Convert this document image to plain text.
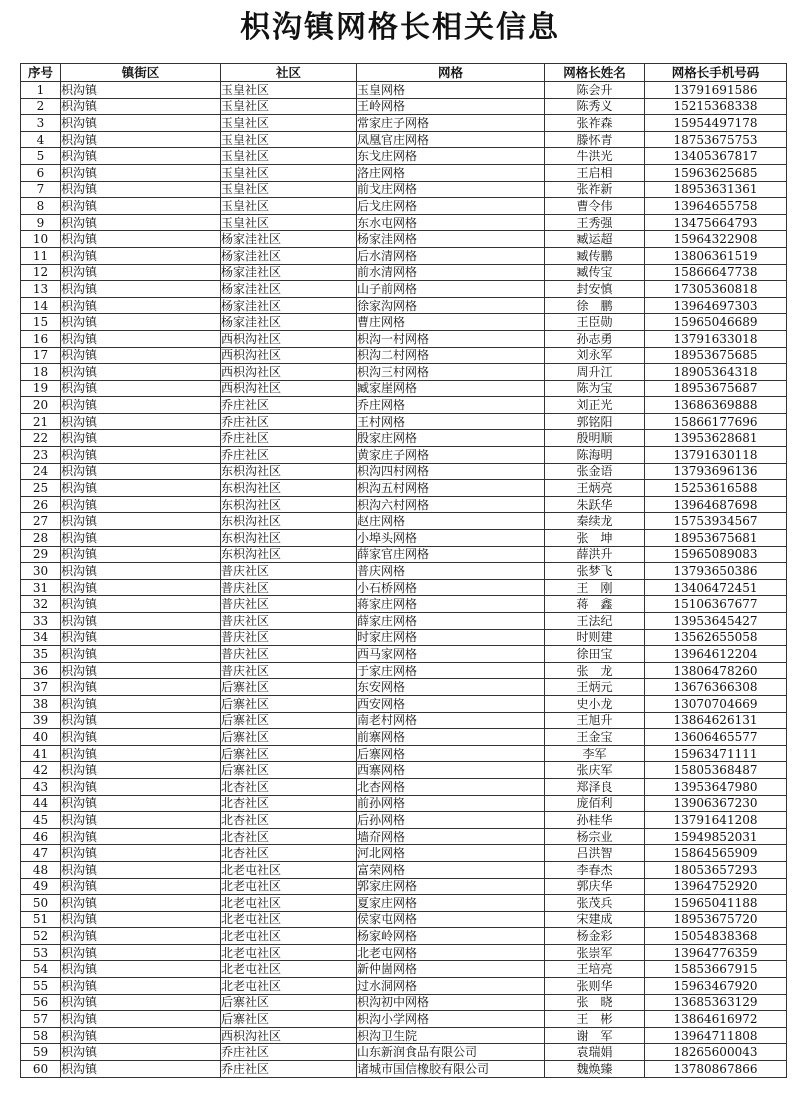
枳沟镇网格长相关信息
序号	镇街区	社区	网格	网格长姓名	网格长手机号码
1	枳沟镇	玉皇社区	玉皇网格	陈会升	13791691586
2	枳沟镇	玉皇社区	王岭网格	陈秀义	15215368338
3	枳沟镇	玉皇社区	常家庄子网格	张祚森	15954497178
4	枳沟镇	玉皇社区	凤凰官庄网格	滕怀青	18753675753
5	枳沟镇	玉皇社区	东戈庄网格	牛洪光	13405367817
6	枳沟镇	玉皇社区	洛庄网格	王启相	15963625685
7	枳沟镇	玉皇社区	前戈庄网格	张祚新	18953631361
8	枳沟镇	玉皇社区	后戈庄网格	曹令伟	13964655758
9	枳沟镇	玉皇社区	东水屯网格	王秀强	13475664793
10	枳沟镇	杨家洼社区	杨家洼网格	臧运超	15964322908
11	枳沟镇	杨家洼社区	后水清网格	臧传鹏	13806361519
12	枳沟镇	杨家洼社区	前水清网格	臧传宝	15866647738
13	枳沟镇	杨家洼社区	山子前网格	封安慎	17305360818
14	枳沟镇	杨家洼社区	徐家沟网格	徐　鹏	13964697303
15	枳沟镇	杨家洼社区	曹庄网格	王臣勋	15965046689
16	枳沟镇	西枳沟社区	枳沟一村网格	孙志勇	13791633018
17	枳沟镇	西枳沟社区	枳沟二村网格	刘永军	18953675685
18	枳沟镇	西枳沟社区	枳沟三村网格	周升江	18905364318
19	枳沟镇	西枳沟社区	臧家崖网格	陈为宝	18953675687
20	枳沟镇	乔庄社区	乔庄网格	刘正光	13686369888
21	枳沟镇	乔庄社区	王村网格	郭铭阳	15866177696
22	枳沟镇	乔庄社区	殷家庄网格	殷明顺	13953628681
23	枳沟镇	乔庄社区	黄家庄子网格	陈海明	13791630118
24	枳沟镇	东枳沟社区	枳沟四村网格	张金语	13793696136
25	枳沟镇	东枳沟社区	枳沟五村网格	王炳亮	15253616588
26	枳沟镇	东枳沟社区	枳沟六村网格	朱跃华	13964687698
27	枳沟镇	东枳沟社区	赵庄网格	秦续龙	15753934567
28	枳沟镇	东枳沟社区	小埠头网格	张　坤	18953675681
29	枳沟镇	东枳沟社区	薛家官庄网格	薛洪升	15965089083
30	枳沟镇	普庆社区	普庆网格	张梦飞	13793650386
31	枳沟镇	普庆社区	小石桥网格	王　刚	13406472451
32	枳沟镇	普庆社区	蒋家庄网格	蒋　鑫	15106367677
33	枳沟镇	普庆社区	薛家庄网格	王法纪	13953645427
34	枳沟镇	普庆社区	时家庄网格	时则建	13562655058
35	枳沟镇	普庆社区	西马家网格	徐田宝	13964612204
36	枳沟镇	普庆社区	于家庄网格	张　龙	13806478260
37	枳沟镇	后寨社区	东安网格	王炳元	13676366308
38	枳沟镇	后寨社区	西安网格	史小龙	13070704669
39	枳沟镇	后寨社区	南老村网格	王旭升	13864626131
40	枳沟镇	后寨社区	前寨网格	王金宝	13606465577
41	枳沟镇	后寨社区	后寨网格	李军	15963471111
42	枳沟镇	后寨社区	西寨网格	张庆军	15805368487
43	枳沟镇	北杏社区	北杏网格	郑泽良	13953647980
44	枳沟镇	北杏社区	前孙网格	庞佰利	13906367230
45	枳沟镇	北杏社区	后孙网格	孙桂华	13791641208
46	枳沟镇	北杏社区	墙夼网格	杨宗业	15949852031
47	枳沟镇	北杏社区	河北网格	吕洪智	15864565909
48	枳沟镇	北老屯社区	富荣网格	李春杰	18053657293
49	枳沟镇	北老屯社区	郭家庄网格	郭庆华	13964752920
50	枳沟镇	北老屯社区	夏家庄网格	张茂兵	15965041188
51	枳沟镇	北老屯社区	侯家屯网格	宋建成	18953675720
52	枳沟镇	北老屯社区	杨家岭网格	杨金彩	15054838368
53	枳沟镇	北老屯社区	北老屯网格	张崇军	13964776359
54	枳沟镇	北老屯社区	新仲崮网格	王培亮	15853667915
55	枳沟镇	北老屯社区	过水洞网格	张则华	15963467920
56	枳沟镇	后寨社区	枳沟初中网格	张　晓	13685363129
57	枳沟镇	后寨社区	枳沟小学网格	王　彬	13864616972
58	枳沟镇	西枳沟社区	枳沟卫生院	谢　军	13964711808
59	枳沟镇	乔庄社区	山东新润食品有限公司	袁瑞娟	18265600043
60	枳沟镇	乔庄社区	诸城市国信橡胶有限公司	魏焕臻	13780867866
